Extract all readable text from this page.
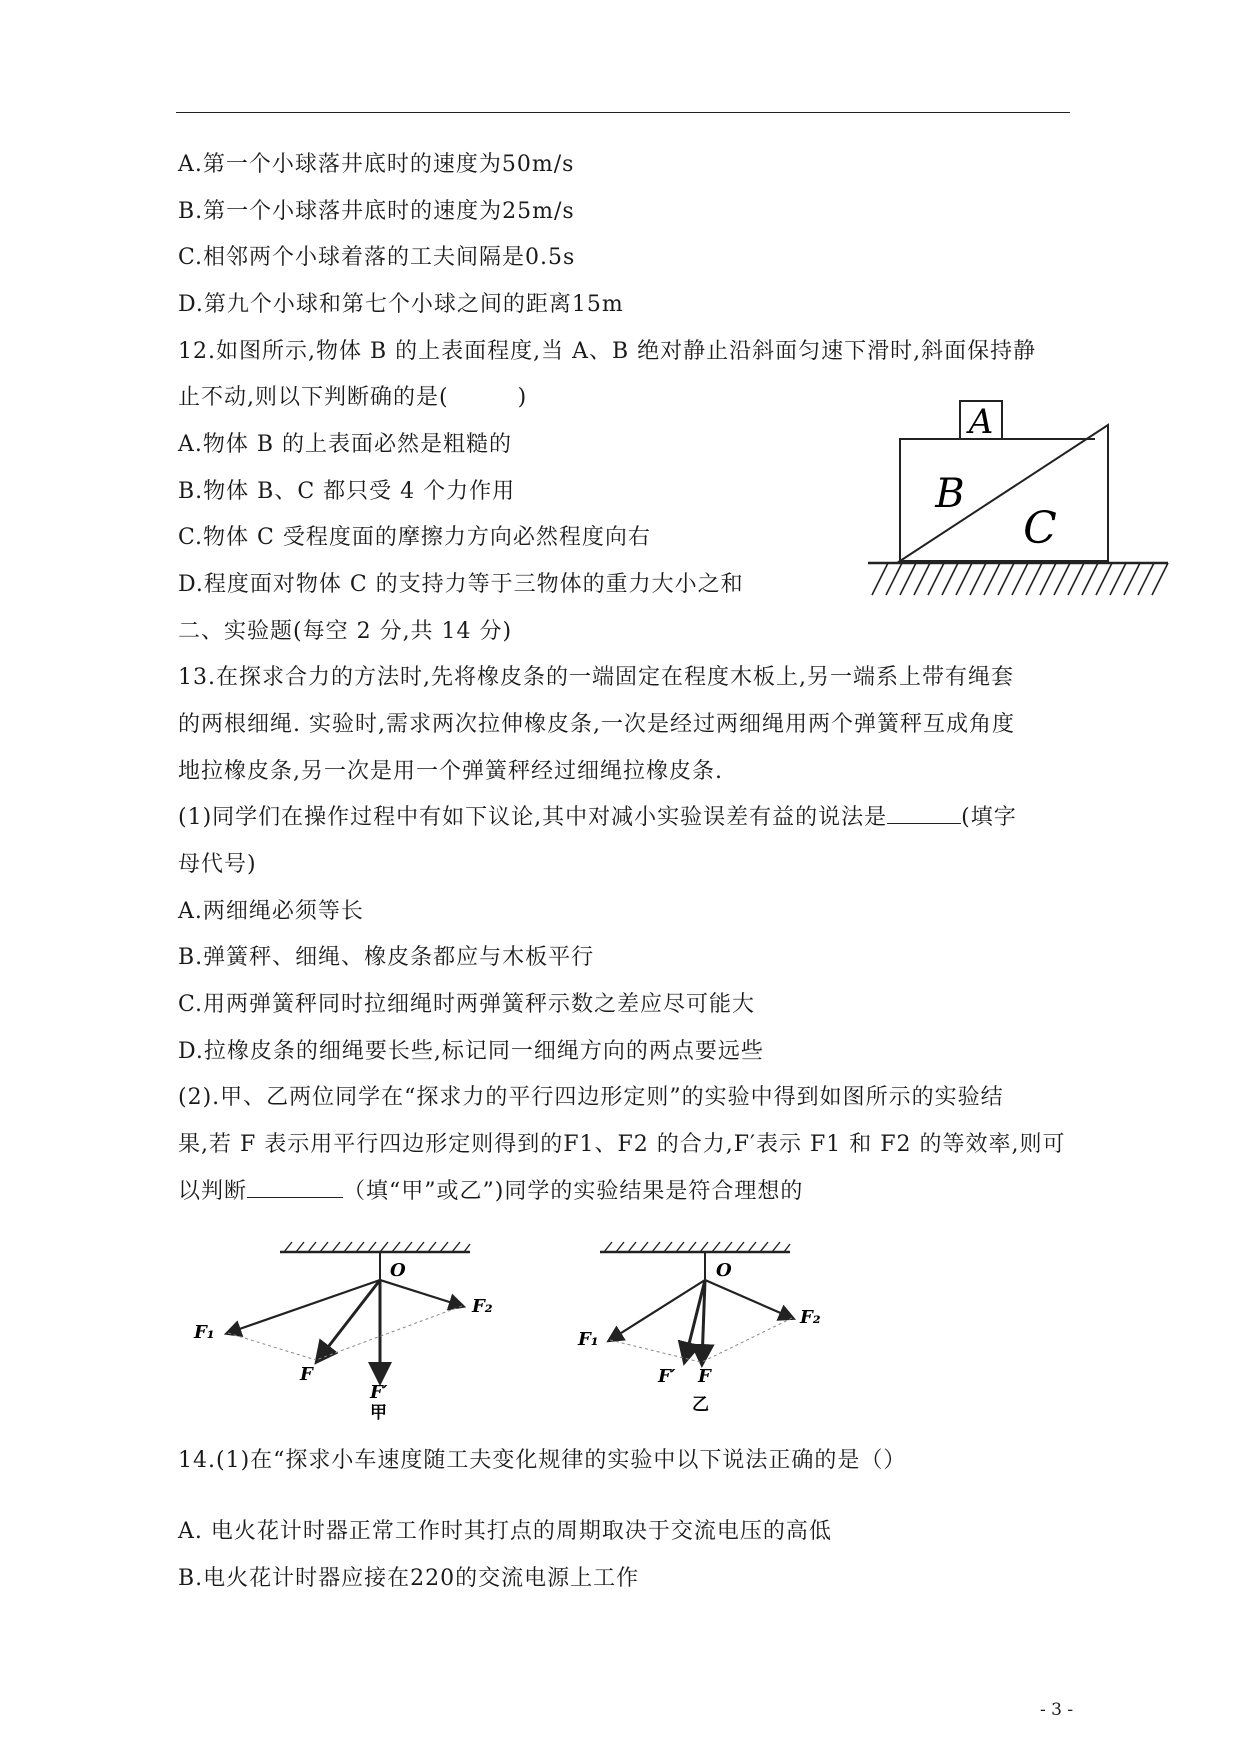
A.第一个小球落井底时的速度为50m/s
B.第一个小球落井底时的速度为25m/s
C.相邻两个小球着落的工夫间隔是0.5s
D.第九个小球和第七个小球之间的距离15m
12.如图所示,物体 B 的上表面程度,当 A、B 绝对静止沿斜面匀速下滑时,斜面保持静
止不动,则以下判断确的是(　　　)
A.物体 B 的上表面必然是粗糙的
B.物体 B、C 都只受 4 个力作用
C.物体 C 受程度面的摩擦力方向必然程度向右
D.程度面对物体 C 的支持力等于三物体的重力大小之和
A
B
C
二、实验题(每空 2 分,共 14 分)
13.在探求合力的方法时,先将橡皮条的一端固定在程度木板上,另一端系上带有绳套
的两根细绳. 实验时,需求两次拉伸橡皮条,一次是经过两细绳用两个弹簧秤互成角度
地拉橡皮条,另一次是用一个弹簧秤经过细绳拉橡皮条.
(1)同学们在操作过程中有如下议论,其中对减小实验误差有益的说法是	(填字
母代号)
A.两细绳必须等长
B.弹簧秤、细绳、橡皮条都应与木板平行
C.用两弹簧秤同时拉细绳时两弹簧秤示数之差应尽可能大
D.拉橡皮条的细绳要长些,标记同一细绳方向的两点要远些
(2).甲、乙两位同学在“探求力的平行四边形定则”的实验中得到如图所示的实验结
果,若 F 表示用平行四边形定则得到的F1、F2 的合力,F′表示 F1 和 F2 的等效率,则可
以判断	（填“甲”或乙”)同学的实验结果是符合理想的
O
F₁
F₂
F
F′
甲
O
F₁
F₂
F′ F
乙
14.(1)在“探求小车速度随工夫变化规律的实验中以下说法正确的是（）
A. 电火花计时器正常工作时其打点的周期取决于交流电压的高低
B.电火花计时器应接在220的交流电源上工作
- 3 -
